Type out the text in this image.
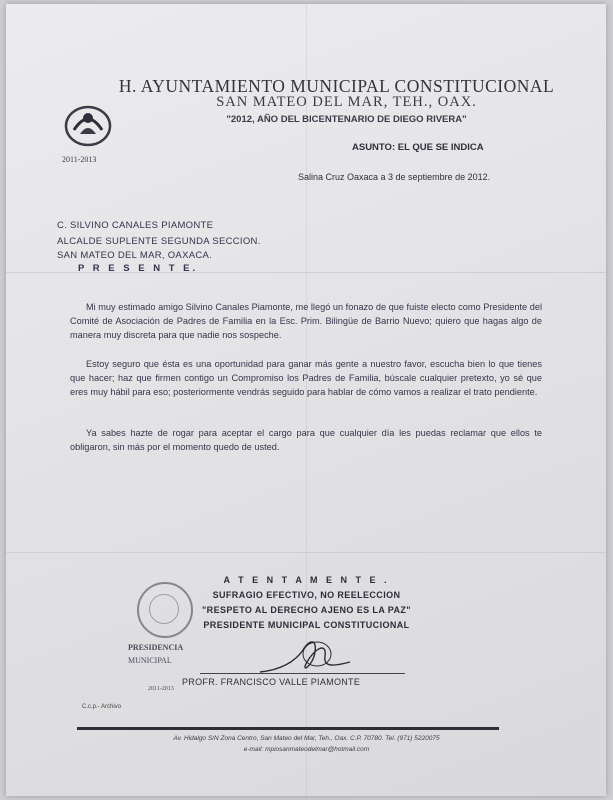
2011-2013
H. AYUNTAMIENTO MUNICIPAL CONSTITUCIONAL
SAN MATEO DEL MAR, TEH., OAX.
"2012, AÑO DEL BICENTENARIO DE DIEGO RIVERA"
ASUNTO: EL QUE SE INDICA
Salina Cruz Oaxaca a 3 de septiembre de 2012.
C. SILVINO CANALES PIAMONTE
ALCALDE SUPLENTE SEGUNDA SECCION.
SAN MATEO DEL MAR, OAXACA.
P R E S E N T E.
Mi muy estimado amigo Silvino Canales Piamonte, me llegó un fonazo de que fuiste electo como Presidente del Comité de Asociación de Padres de Familia en la Esc. Prim. Bilingüe de Barrio Nuevo; quiero que hagas algo de manera muy discreta para que nadie nos sospeche.
Estoy seguro que ésta es una oportunidad para ganar más gente a nuestro favor, escucha bien lo que tienes que hacer; haz que firmen contigo un Compromiso los Padres de Familia, búscale cualquier pretexto, yo sé que eres muy hábil para eso; posteriormente vendrás seguido para hablar de cómo vamos a realizar el trato pendiente.
Ya sabes hazte de rogar para aceptar el cargo para que cualquier día les puedas reclamar que ellos te obligaron, sin más por el momento quedo de usted.
A T E N T A M E N T E .
SUFRAGIO EFECTIVO, NO REELECCION
"RESPETO AL DERECHO AJENO ES LA PAZ"
PRESIDENTE MUNICIPAL CONSTITUCIONAL
PRESIDENCIA
MUNICIPAL
2011-2013
PROFR. FRANCISCO VALLE PIAMONTE
C.c.p.- Archivo
Av. Hidalgo S/N Zona Centro, San Mateo del Mar, Teh., Oax. C.P. 70780. Tel. (971) 5220075
e-mail: mpiosanmateodelmar@hotmail.com
